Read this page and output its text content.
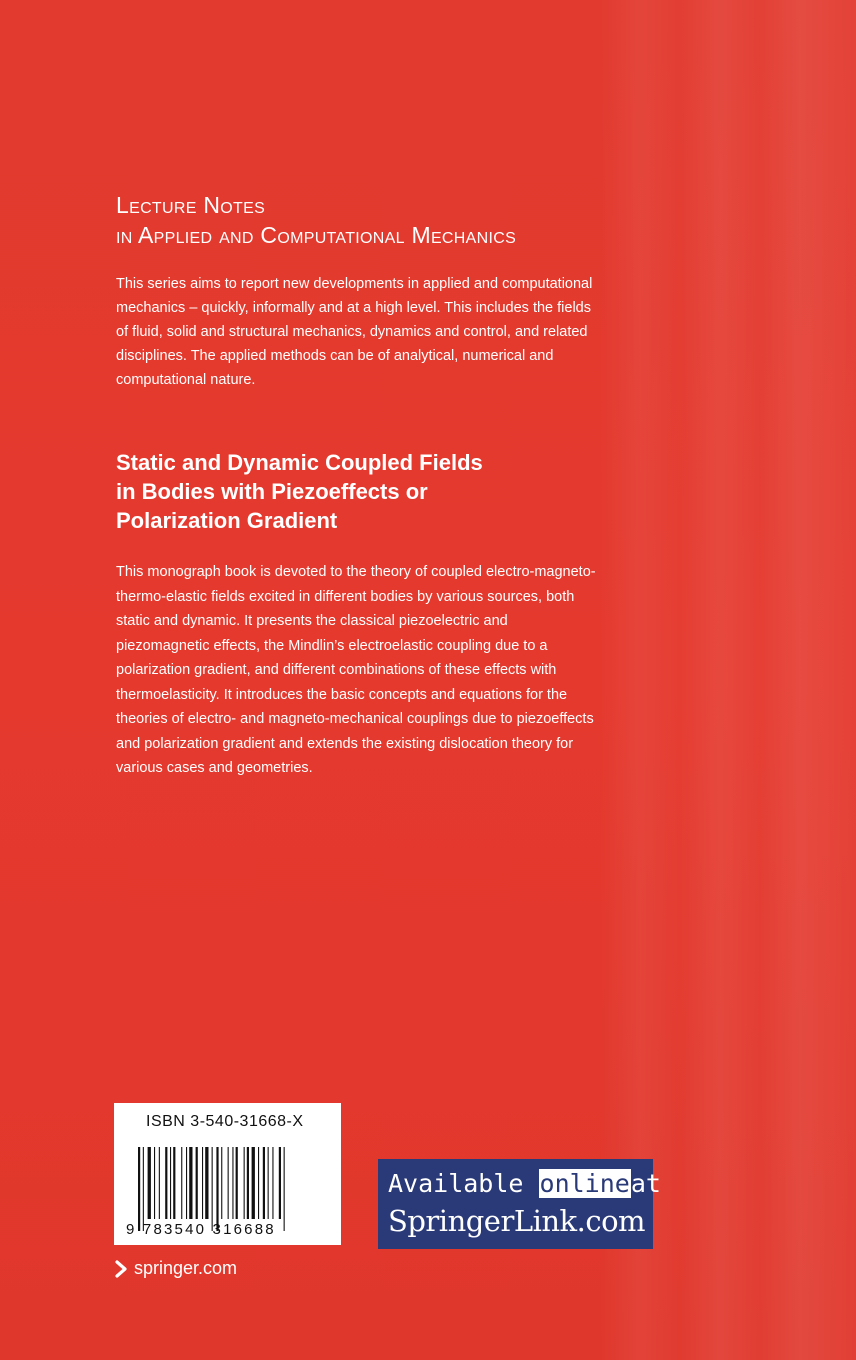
Lecture Notes
in Applied and Computational Mechanics

This series aims to report new developments in applied and computational mechanics – quickly, informally and at a high level. This includes the fields of fluid, solid and structural mechanics, dynamics and control, and related disciplines. The applied methods can be of analytical, numerical and computational nature.

Static and Dynamic Coupled Fields
in Bodies with Piezoeffects or
Polarization Gradient

This monograph book is devoted to the theory of coupled electro-magneto-thermo-elastic fields excited in different bodies by various sources, both static and dynamic. It presents the classical piezoelectric and piezomagnetic effects, the Mindlin’s electroelastic coupling due to a polarization gradient, and different combinations of these effects with thermoelasticity. It introduces the basic concepts and equations for the theories of electro- and magneto-mechanical couplings due to piezoeffects and polarization gradient and extends the existing dislocation theory for various cases and geometries.

ISBN 3-540-31668-X
9 783540 316688
springer.com
Available onlineat
SpringerLink.com
